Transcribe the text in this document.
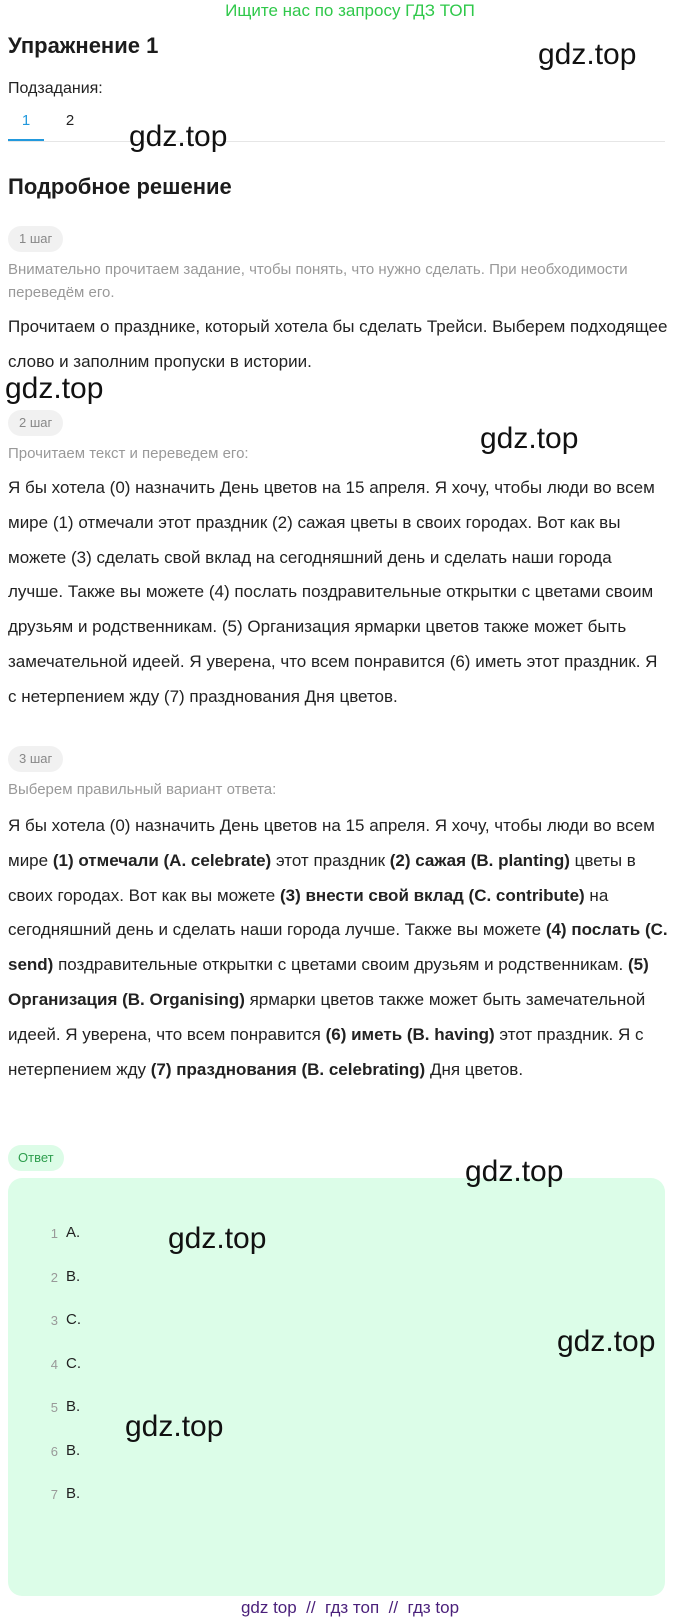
Ищите нас по запросу ГДЗ ТОП
Упражнение 1
Подзадания:
1	2
Подробное решение
1 шаг
Внимательно прочитаем задание, чтобы понять, что нужно сделать. При необходимости переведём его.
Прочитаем о празднике, который хотела бы сделать Трейси. Выберем подходящее слово и заполним пропуски в истории.
2 шаг
Прочитаем текст и переведем его:
Я бы хотела (0) назначить День цветов на 15 апреля. Я хочу, чтобы люди во всем мире (1) отмечали этот праздник (2) сажая цветы в своих городах. Вот как вы можете (3) сделать свой вклад на сегодняшний день и сделать наши города лучше. Также вы можете (4) послать поздравительные открытки с цветами своим друзьям и родственникам. (5) Организация ярмарки цветов также может быть замечательной идеей. Я уверена, что всем понравится (6) иметь этот праздник. Я с нетерпением жду (7) празднования Дня цветов.
3 шаг
Выберем правильный вариант ответа:
Я бы хотела (0) назначить День цветов на 15 апреля. Я хочу, чтобы люди во всем мире (1) отмечали (A. celebrate) этот праздник (2) сажая (B. planting) цветы в своих городах. Вот как вы можете (3) внести свой вклад (C. contribute) на сегодняшний день и сделать наши города лучше. Также вы можете (4) послать (C. send) поздравительные открытки с цветами своим друзьям и родственникам. (5) Организация (B. Organising) ярмарки цветов также может быть замечательной идеей. Я уверена, что всем понравится (6) иметь (B. having) этот праздник. Я с нетерпением жду (7) празднования (B. celebrating) Дня цветов.
Ответ
1 A.
2 B.
3 C.
4 C.
5 B.
6 B.
7 B.
gdz.top
gdz.top
gdz.top
gdz.top
gdz.top
gdz.top
gdz.top
gdz.top
gdz top  //  гдз топ  //  гдз top
